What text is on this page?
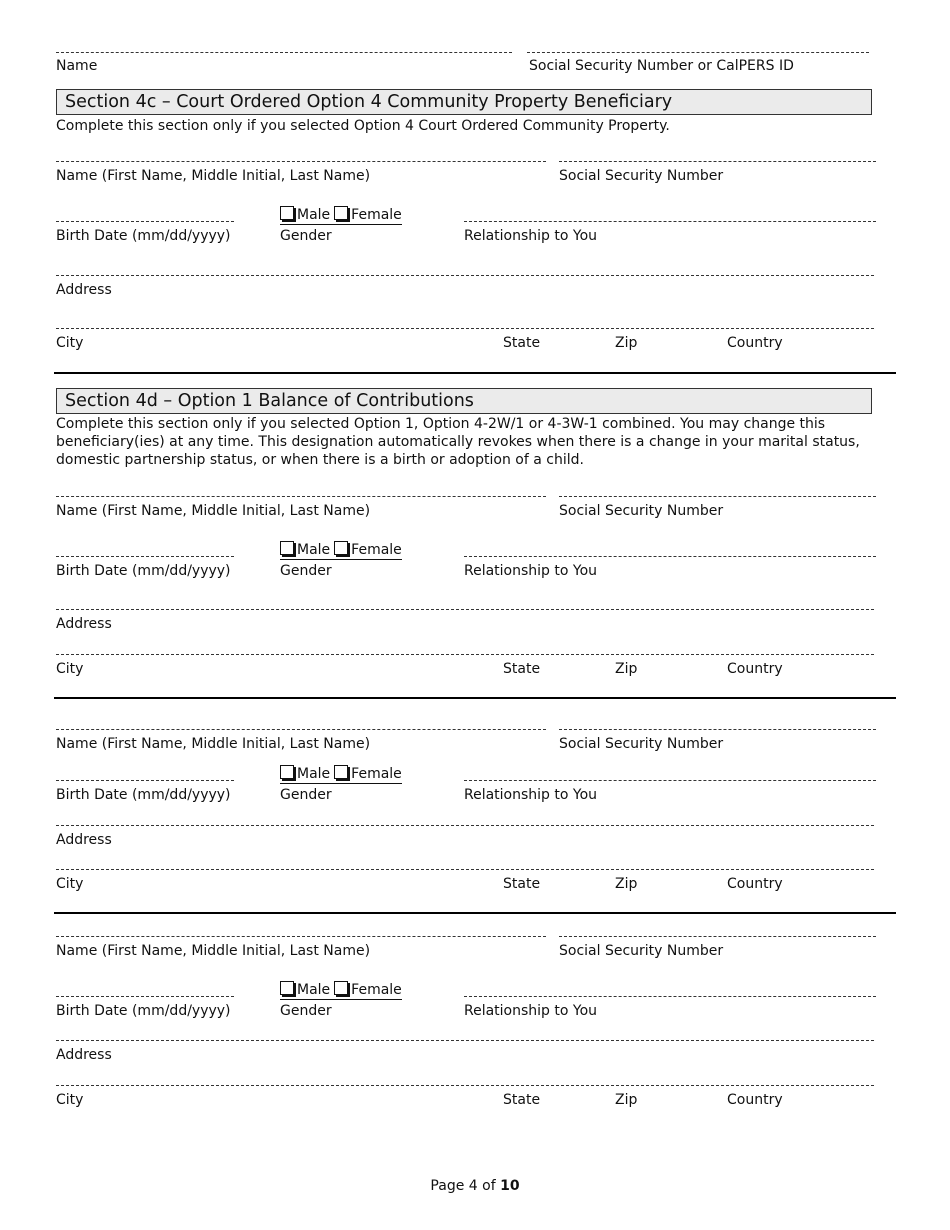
Name	Social Security Number or CalPERS ID
Section 4c – Court Ordered Option 4 Community Property Beneficiary
Complete this section only if you selected Option 4 Court Ordered Community Property.
Name (First Name, Middle Initial, Last Name)	Social Security Number
Male Female
Birth Date (mm/dd/yyyy)	Gender	Relationship to You
Address
City	State	Zip	Country
Section 4d – Option 1 Balance of Contributions
Complete this section only if you selected Option 1, Option 4-2W/1 or 4-3W-1 combined. You may change this beneficiary(ies) at any time. This designation automatically revokes when there is a change in your marital status, domestic partnership status, or when there is a birth or adoption of a child.
Name (First Name, Middle Initial, Last Name)	Social Security Number
Male Female
Birth Date (mm/dd/yyyy)	Gender	Relationship to You
Address
City	State	Zip	Country
Name (First Name, Middle Initial, Last Name)	Social Security Number
Male Female
Birth Date (mm/dd/yyyy)	Gender	Relationship to You
Address
City	State	Zip	Country
Name (First Name, Middle Initial, Last Name)	Social Security Number
Male Female
Birth Date (mm/dd/yyyy)	Gender	Relationship to You
Address
City	State	Zip	Country
Page 4 of 10
